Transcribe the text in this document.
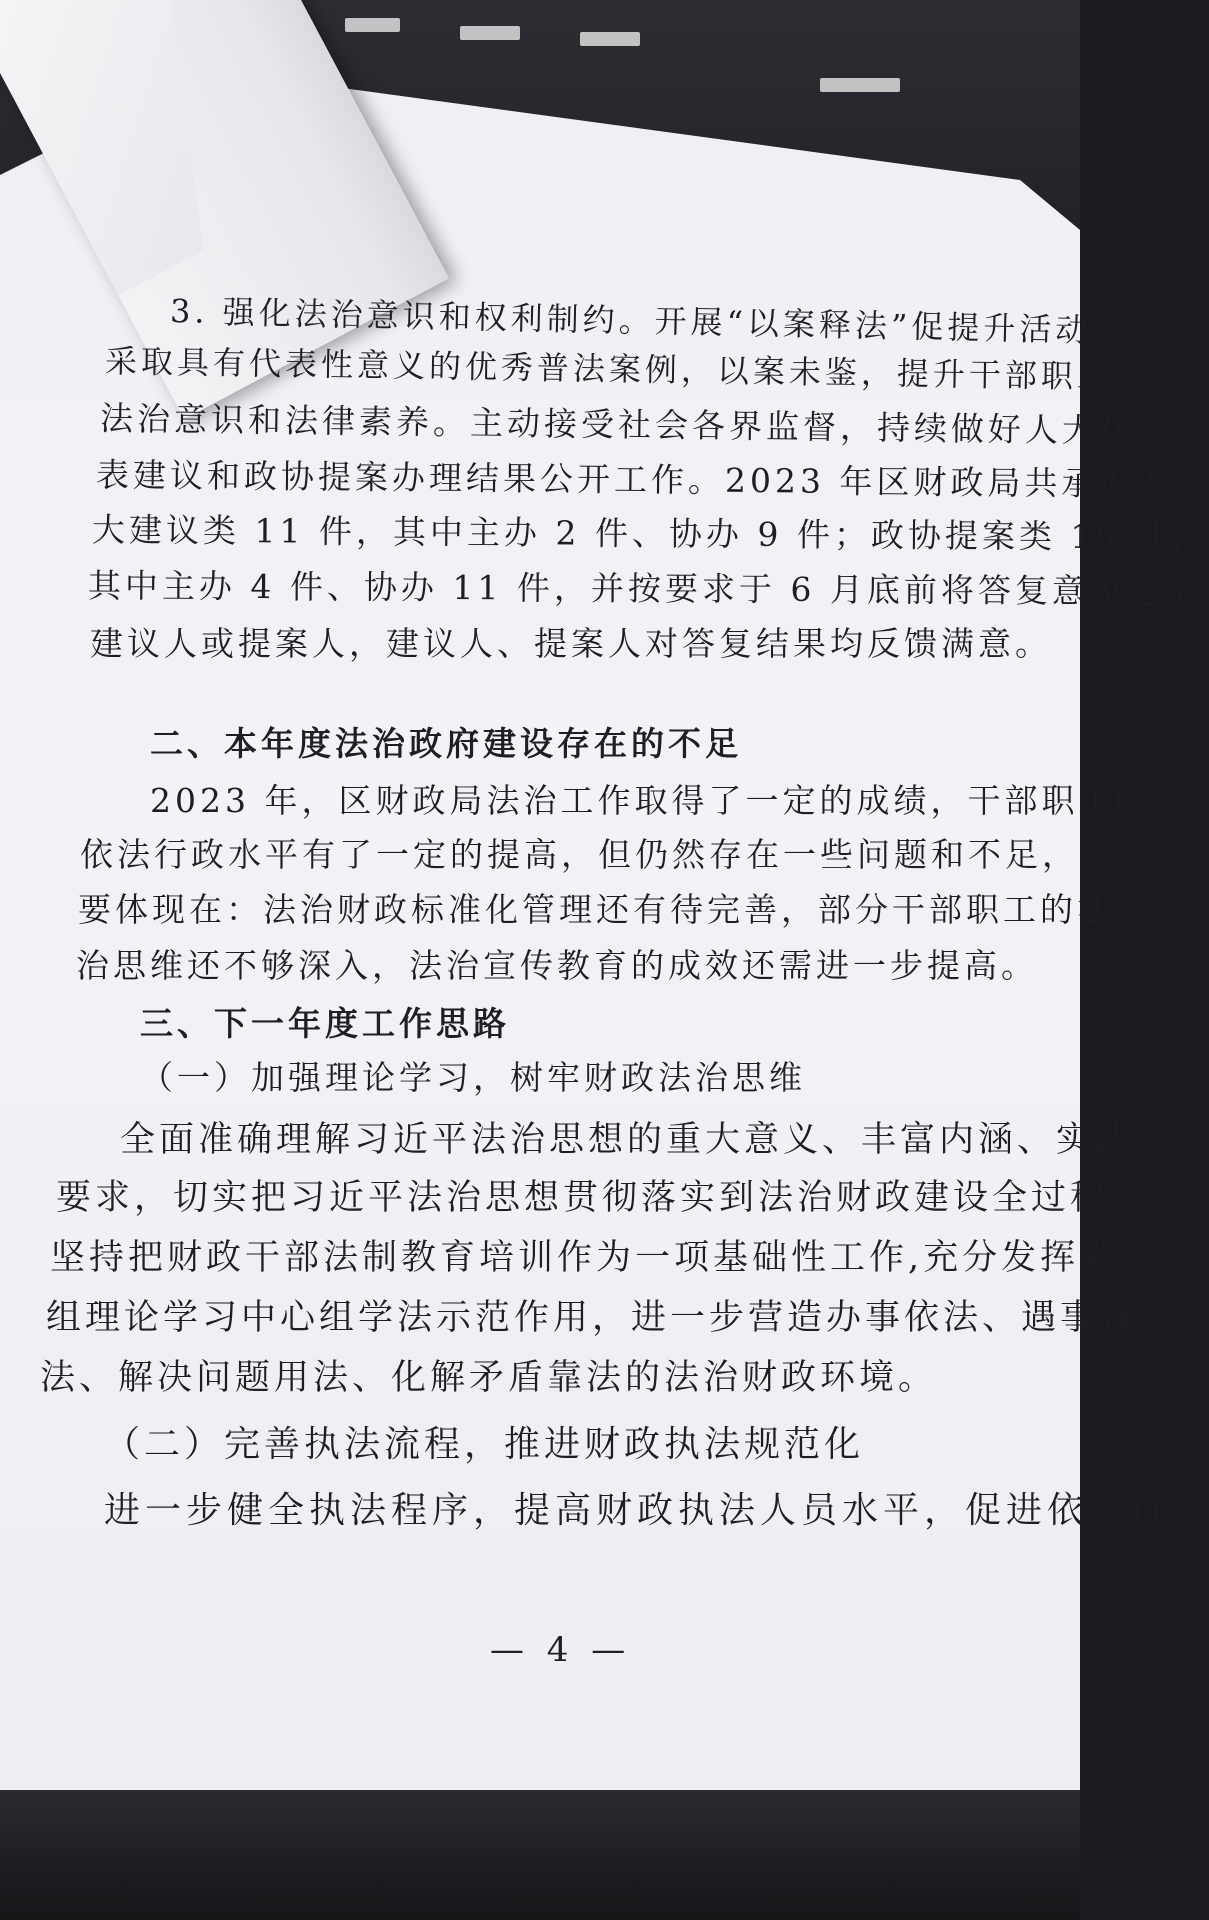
3. 强化法治意识和权利制约。开展“以案释法”促提升活动，
采取具有代表性意义的优秀普法案例，以案未鉴，提升干部职工
法治意识和法律素养。主动接受社会各界监督，持续做好人大代
表建议和政协提案办理结果公开工作。2023 年区财政局共承办人
大建议类 11 件，其中主办 2 件、协办 9 件；政协提案类 15 件，
其中主办 4 件、协办 11 件，并按要求于 6 月底前将答复意见送至
建议人或提案人，建议人、提案人对答复结果均反馈满意。
二、本年度法治政府建设存在的不足
2023 年，区财政局法治工作取得了一定的成绩，干部职工的
依法行政水平有了一定的提高，但仍然存在一些问题和不足，主
要体现在：法治财政标准化管理还有待完善，部分干部职工的法
治思维还不够深入，法治宣传教育的成效还需进一步提高。
三、下一年度工作思路
（一）加强理论学习，树牢财政法治思维
全面准确理解习近平法治思想的重大意义、丰富内涵、实践
要求，切实把习近平法治思想贯彻落实到法治财政建设全过程，
坚持把财政干部法制教育培训作为一项基础性工作,充分发挥党
组理论学习中心组学法示范作用，进一步营造办事依法、遇事找
法、解决问题用法、化解矛盾靠法的法治财政环境。
（二）完善执法流程，推进财政执法规范化
进一步健全执法程序，提高财政执法人员水平，促进依法行
— 4 —
